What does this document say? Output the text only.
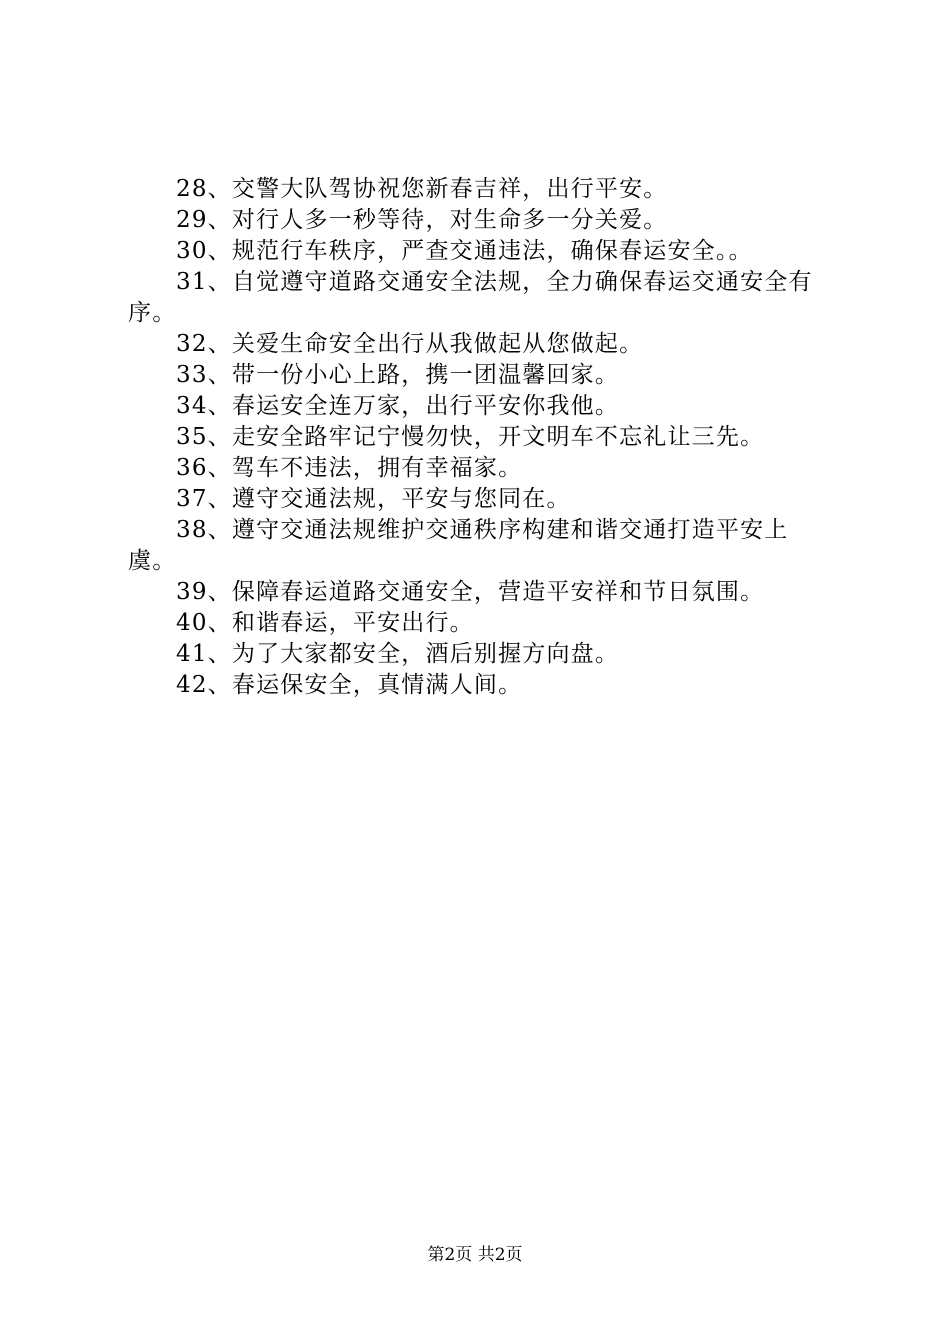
28、交警大队驾协祝您新春吉祥，出行平安。

29、对行人多一秒等待，对生命多一分关爱。

30、规范行车秩序，严查交通违法，确保春运安全。。

31、自觉遵守道路交通安全法规，全力确保春运交通安全有序。

32、关爱生命安全出行从我做起从您做起。

33、带一份小心上路，携一团温馨回家。

34、春运安全连万家，出行平安你我他。

35、走安全路牢记宁慢勿快，开文明车不忘礼让三先。

36、驾车不违法，拥有幸福家。

37、遵守交通法规，平安与您同在。

38、遵守交通法规维护交通秩序构建和谐交通打造平安上虞。

39、保障春运道路交通安全，营造平安祥和节日氛围。

40、和谐春运，平安出行。

41、为了大家都安全，酒后别握方向盘。

42、春运保安全，真情满人间。

第2页 共2页
